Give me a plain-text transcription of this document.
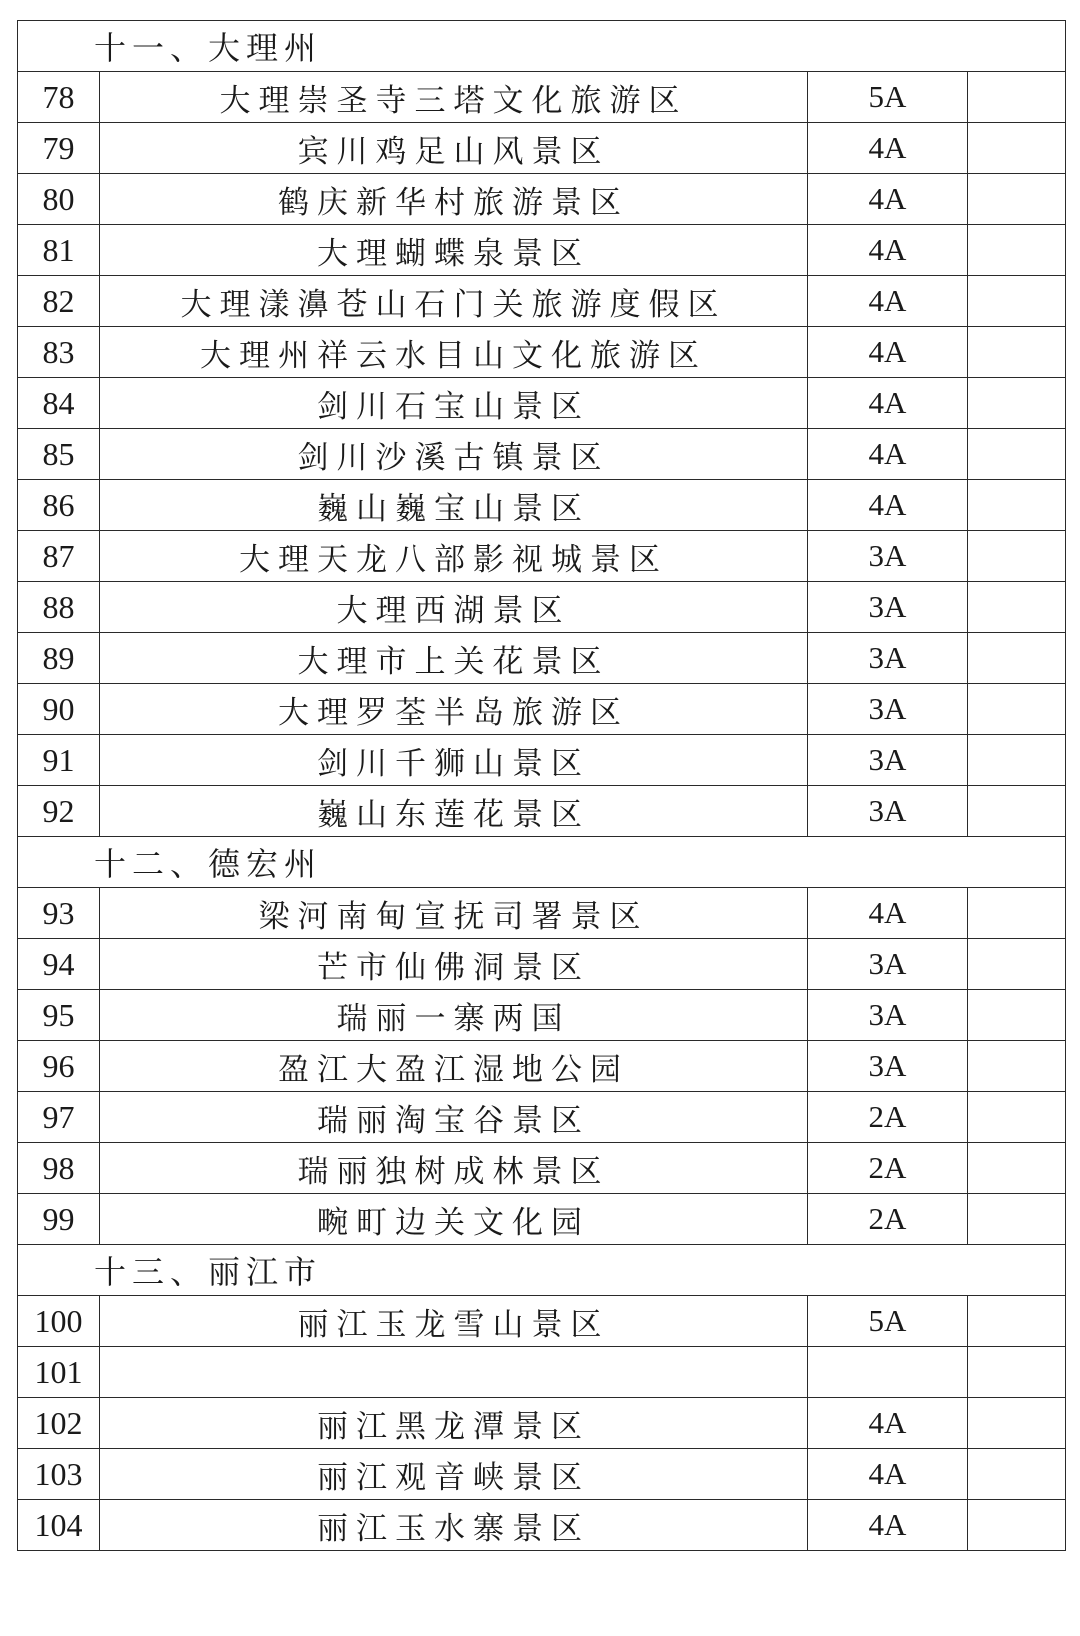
十一、大理州			
78	大理崇圣寺三塔文化旅游区	5A	
79	宾川鸡足山风景区	4A	
80	鹤庆新华村旅游景区	4A	
81	大理蝴蝶泉景区	4A	
82	大理漾濞苍山石门关旅游度假区	4A	
83	大理州祥云水目山文化旅游区	4A	
84	剑川石宝山景区	4A	
85	剑川沙溪古镇景区	4A	
86	巍山巍宝山景区	4A	
87	大理天龙八部影视城景区	3A	
88	大理西湖景区	3A	
89	大理市上关花景区	3A	
90	大理罗荃半岛旅游区	3A	
91	剑川千狮山景区	3A	
92	巍山东莲花景区	3A	
十二、德宏州			
93	梁河南甸宣抚司署景区	4A	
94	芒市仙佛洞景区	3A	
95	瑞丽一寨两国	3A	
96	盈江大盈江湿地公园	3A	
97	瑞丽淘宝谷景区	2A	
98	瑞丽独树成林景区	2A	
99	畹町边关文化园	2A	
十三、丽江市			
100	丽江玉龙雪山景区	5A	
101			
102	丽江黑龙潭景区	4A	
103	丽江观音峡景区	4A	
104	丽江玉水寨景区	4A	
